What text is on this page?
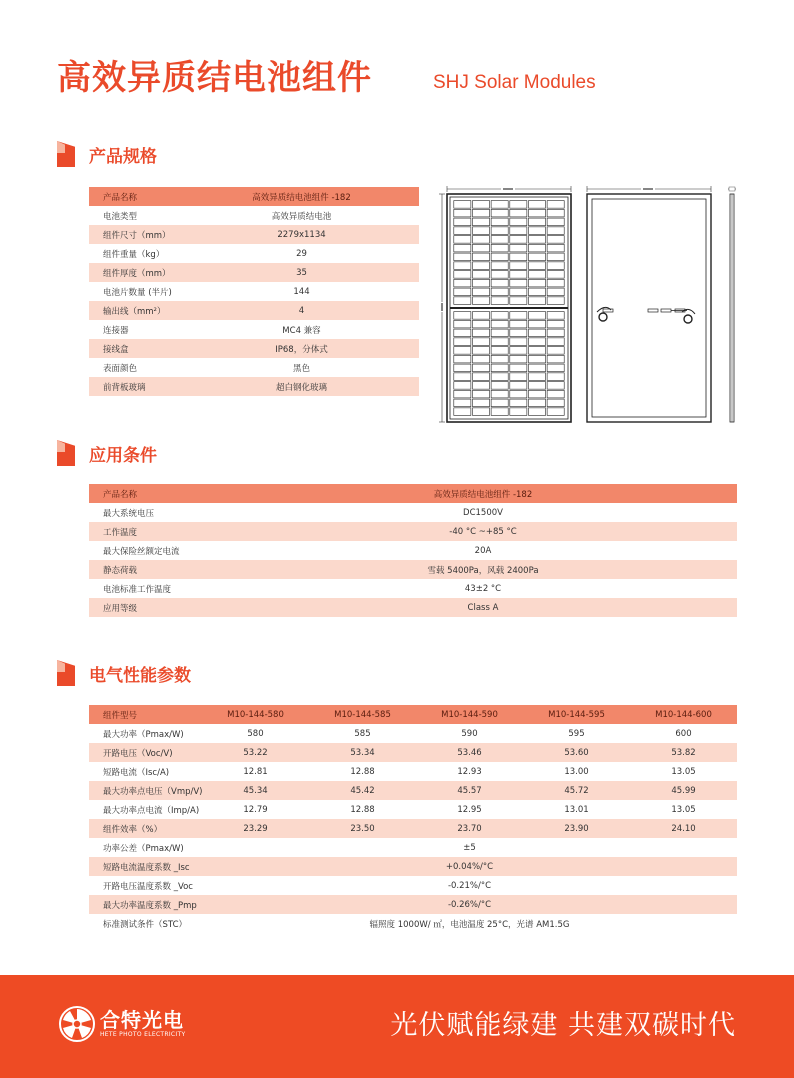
高效异质结电池组件	SHJ Solar Modules
产品规格
产品名称	高效异质结电池组件 -182	
电池类型	高效异质结电池	
组件尺寸（mm）	2279x1134	
组件重量（kg）	29	
组件厚度（mm）	35	
电池片数量 (半片)	144	
输出线（mm²）	4	
连接器	MC4 兼容	
接线盒	IP68，分体式	
表面颜色	黑色	
前背板玻璃	超白钢化玻璃	
应用条件
产品名称	高效异质结电池组件 -182
最大系统电压	DC1500V
工作温度	-40 °C ~+85 °C
最大保险丝额定电流	20A
静态荷载	雪载 5400Pa，风载 2400Pa
电池标准工作温度	43±2 °C
应用等级	Class A
电气性能参数
组件型号	M10-144-580	M10-144-585	M10-144-590	M10-144-595	M10-144-600
最大功率（Pmax/W)	580	585	590	595	600
开路电压（Voc/V)	53.22	53.34	53.46	53.60	53.82
短路电流（Isc/A)	12.81	12.88	12.93	13.00	13.05
最大功率点电压（Vmp/V)	45.34	45.42	45.57	45.72	45.99
最大功率点电流（Imp/A)	12.79	12.88	12.95	13.01	13.05
组件效率（%）	23.29	23.50	23.70	23.90	24.10
功率公差（Pmax/W)	±5				
短路电流温度系数 _Isc	+0.04%/°C				
开路电压温度系数 _Voc	-0.21%/°C				
最大功率温度系数 _Pmp	-0.26%/°C				
标准测试条件（STC）	辐照度 1000W/ ㎡，电池温度 25°C，光谱 AM1.5G				
合特光电
HETE PHOTO ELECTRICITY	光伏赋能绿建 共建双碳时代
